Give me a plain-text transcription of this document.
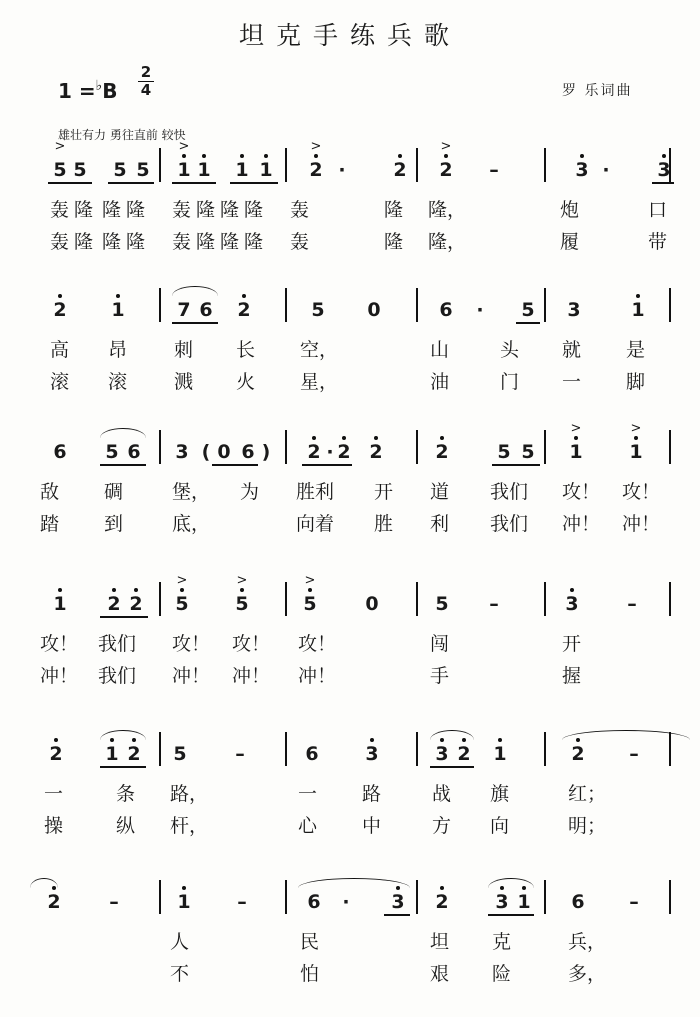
坦克手练兵歌
1 =♭B
2
4	罗 乐词曲
雄壮有力 勇往直前 较快
5
>
5 5 5 1
>
1 1 1 2
>
·	2 2
>
–	3 ·	3
轰 隆 隆 隆 轰 隆 隆 隆 轰	隆 隆，	炮	口
轰 隆 隆 隆 轰 隆 隆 隆 轰	隆 隆，	履	带
2 1	7 6 2	5 0	6	·	5 3	1
高 昂 刺 长 空，	山	头 就 是
滚 滚 溅 火 星，	油	门 一 脚
6 5 6 3 ( 0 6 ) 2 · 2 2	2	5 5 1
>
1
>
敌 碉	堡， 为 胜利 开 道 我们 攻！ 攻！
踏 到	底，	向着 胜 利 我们 冲！ 冲！
1 2 2 5
>
5
>
5
>
0	5 –	3	–
攻！ 我们 攻！ 攻！ 攻！	闯	开
冲！ 我们 冲！ 冲！ 冲！	手	握
2 1 2 5	–	6 3	3 2 1	2 –
一	条 路，	一 路	战 旗	红；
操	纵 杆，	心 中	方 向	明；
2	–	1 –	6	·	3 2 3 1 6 –
人	民	坦 克	兵，
不	怕	艰 险	多，
